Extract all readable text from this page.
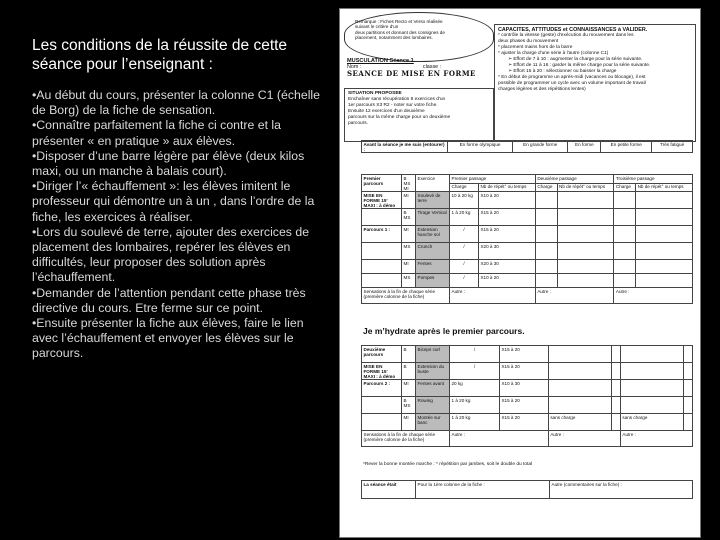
Les conditions de la réussite de cette séance pour l’enseignant :
•Au début du cours, présenter la colonne C1 (échelle de Borg) de la fiche de sensation.
•Connaître parfaitement la fiche ci contre et la présenter « en pratique » aux élèves.
•Disposer d’une barre légère par élève (deux kilos maxi, ou un manche à balais court).
•Diriger l’« échauffement »: les élèves imitent le professeur qui démontre un à un , dans l’ordre de la fiche, les exercices à réaliser.
•Lors du soulevé de terre, ajouter des exercices de placement des lombaires, repérer les élèves en difficultés, leur proposer des solution après l’échauffement.
•Demander de l’attention pendant cette phase très directive du cours. Etre ferme sur ce point.
•Ensuite présenter la fiche aux élèves, faire le lien avec l’échauffement et envoyer les élèves sur le parcours.
Remarque : Fiches Recto et Verso réalisée
suivant le critère d'un
deux partitions et donnant des consignes de
placement, notamment des lombaires.
CAPACITES, ATTITUDES et CONNAISSANCES à VALIDER.
* contrôle la vitesse (geste) d'exécution du mouvement dans les
deux phases du mouvement
* placement mains hors de la barre
* ajuster la charge d'une série à l'autre (colonne C1)
➢ Effort de 7 à 10 : augmenter la charge pour la série suivante.
➢ Effort de 11 à 16 : garder la même charge pour la série suivante.
➢ Effort 15 à 20 : sélectionner ou baisser la charge
* En début de programme un après-midi (vacances ou blocage), il est
possible de programmer un cycle avec un volume important de travail
charges légères et des répétitions lentes)
MUSCULATION Séance 1
Nom :	classe :
SEANCE DE MISE EN FORME
SITUATION PROPOSEE
Enchaîner sans récupération 8 exercices d'un
1er parcours X3 R2 - noter sur votre fiche.
Ensuite 12 exercices d'un deuxième
parcours sur la même charge pour un deuxième
parcours.
Avant la séance je me suis (entourer) :	En forme olympique	En grande forme	En forme	En petite forme	Très fatigué
Premier parcours	B MS MI	Exercice	Premier passage		Deuxième passage		Troisième passage	
			Charge	Nb de répét° ou temps	Charge	Nb de répét° ou temps	Charge	Nb de répét° ou temps
MISE EN FORME 15' MAXI : à démo	MI	Soulevé de terre	10 à 20 kg	X10 à 20				
	B MS	Tirage Vertical	1 à 20 kg	X15 à 20				
Parcours 1 :	MI	Extension hanche sol	/	X15 à 20				
	MS	Crunch	/	X20 à 30				
	MI	Fentes	/	X20 à 30				
	MS	Pompes	/	X10 à 20				
Sensations à la fin de chaque série (première colonne de la fiche)			Autre :		Autre :		Autre :	
Je m’hydrate après le premier parcours.
Deuxième parcours	B	Biceps curl	/	X15 à 20				
MISE EN FORME 15' MAXI : à démo	B	Extension du buste	/	X15 à 20				
Parcours 2 :	MI	Fentes avant	20 kg	X10 à 30				
	B MS	Rowing	1 à 20 kg	X15 à 20				
	MI	Montée sur banc	1 à 20 kg	X15 à 20	sans charge		sans charge	
Sensations à la fin de chaque série (première colonne de la fiche)			Autre :		Autre :		Autre :	
*Rever la bonne montée marche : * répétition par jambes, soit le double du total
La séance était	Pour la 1ère colonne de la fiche :	Autre (commentaires sur la fiche) :
